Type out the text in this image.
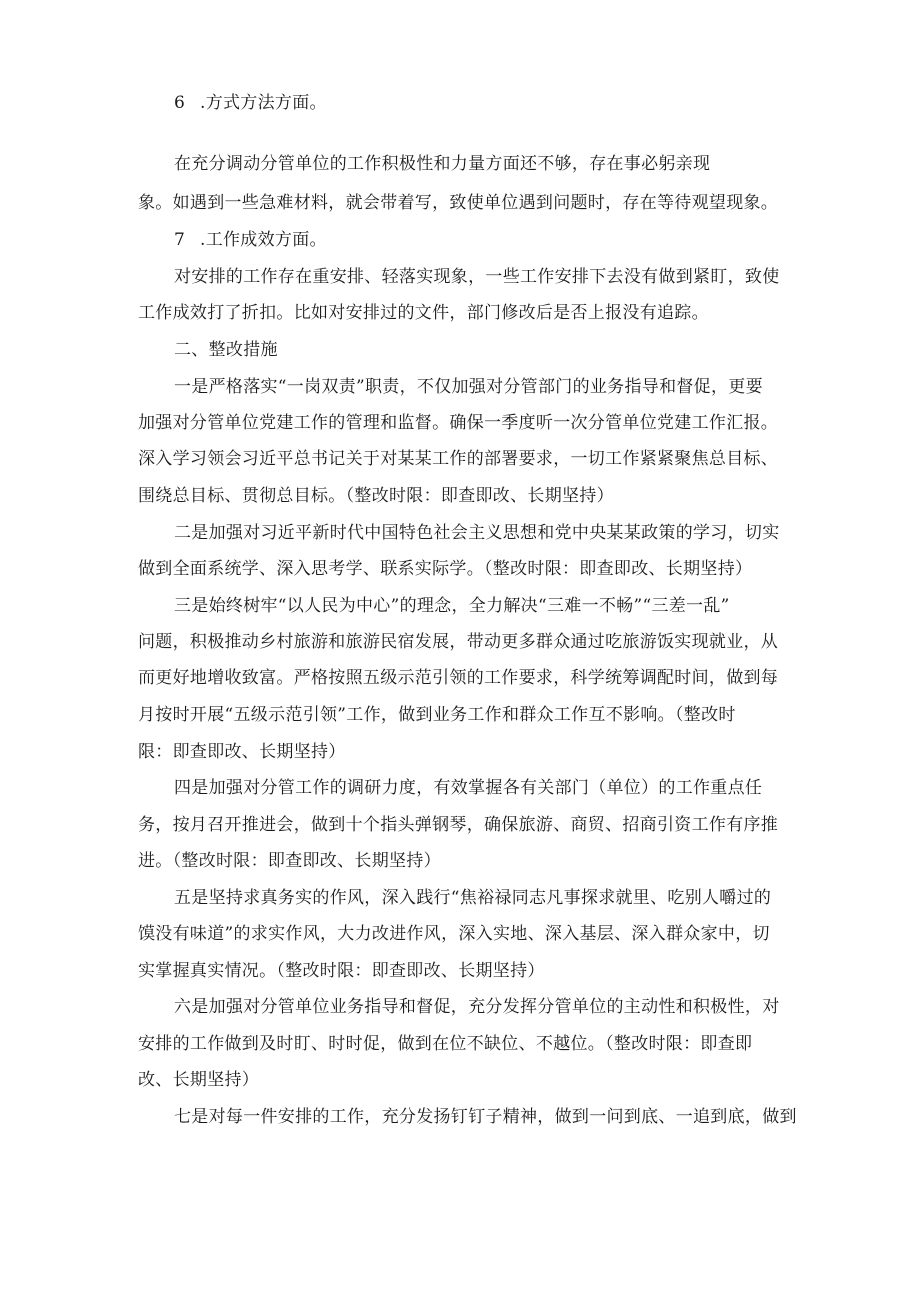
6 .方式方法方面。
在充分调动分管单位的工作积极性和力量方面还不够，存在事必躬亲现
象。如遇到一些急难材料，就会带着写，致使单位遇到问题时，存在等待观望现象。
7 .工作成效方面。
对安排的工作存在重安排、轻落实现象，一些工作安排下去没有做到紧盯，致使
工作成效打了折扣。比如对安排过的文件，部门修改后是否上报没有追踪。
二、整改措施
一是严格落实“一岗双责”职责，不仅加强对分管部门的业务指导和督促，更要
加强对分管单位党建工作的管理和监督。确保一季度听一次分管单位党建工作汇报。
深入学习领会习近平总书记关于对某某工作的部署要求，一切工作紧紧聚焦总目标、
围绕总目标、贯彻总目标。（整改时限：即查即改、长期坚持）
二是加强对习近平新时代中国特色社会主义思想和党中央某某政策的学习，切实
做到全面系统学、深入思考学、联系实际学。（整改时限：即查即改、长期坚持）
三是始终树牢“以人民为中心”的理念，全力解决“三难一不畅”“三差一乱”
问题，积极推动乡村旅游和旅游民宿发展，带动更多群众通过吃旅游饭实现就业，从
而更好地增收致富。严格按照五级示范引领的工作要求，科学统筹调配时间，做到每
月按时开展“五级示范引领”工作，做到业务工作和群众工作互不影响。（整改时
限：即查即改、长期坚持）
四是加强对分管工作的调研力度，有效掌握各有关部门（单位）的工作重点任
务，按月召开推进会，做到十个指头弹钢琴，确保旅游、商贸、招商引资工作有序推
进。（整改时限：即查即改、长期坚持）
五是坚持求真务实的作风，深入践行“焦裕禄同志凡事探求就里、吃别人嚼过的
馍没有味道”的求实作风，大力改进作风，深入实地、深入基层、深入群众家中，切
实掌握真实情况。（整改时限：即查即改、长期坚持）
六是加强对分管单位业务指导和督促，充分发挥分管单位的主动性和积极性，对
安排的工作做到及时盯、时时促，做到在位不缺位、不越位。（整改时限：即查即
改、长期坚持）
七是对每一件安排的工作，充分发扬钉钉子精神，做到一问到底、一追到底，做到
